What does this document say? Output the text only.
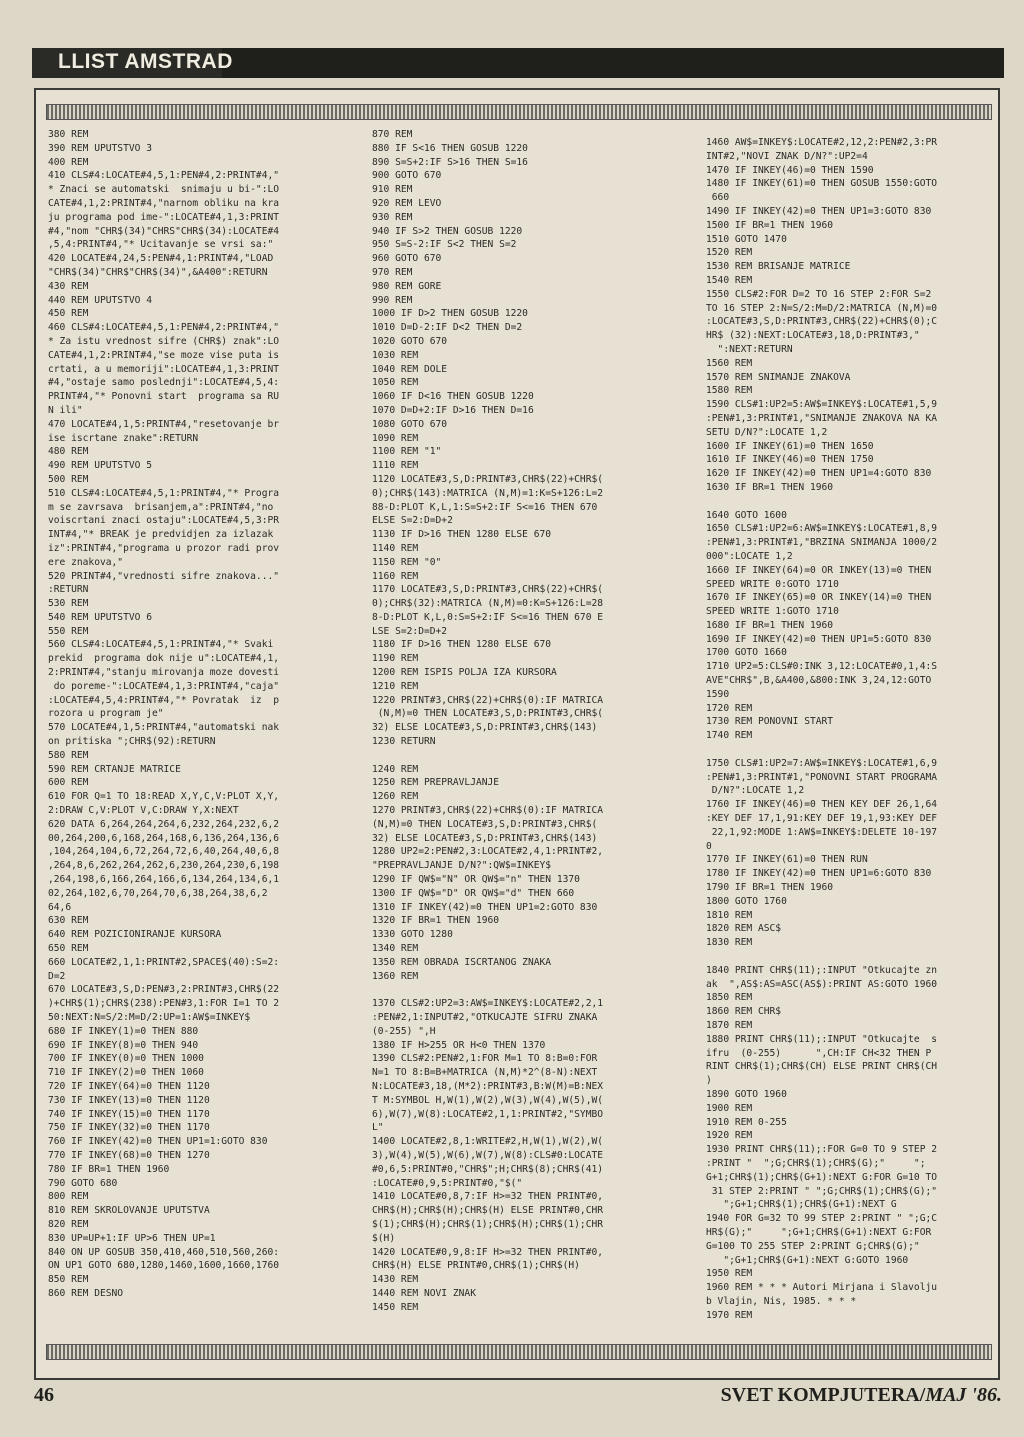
LLIST AMSTRAD
380 REM
390 REM UPUTSTVO 3
400 REM
410 CLS#4:LOCATE#4,5,1:PEN#4,2:PRINT#4,"
* Znaci se automatski  snimaju u bi-":LO
CATE#4,1,2:PRINT#4,"narnom obliku na kra
ju programa pod ime-":LOCATE#4,1,3:PRINT
#4,"nom "CHR$(34)"CHRS"CHR$(34):LOCATE#4
,5,4:PRINT#4,"* Ucitavanje se vrsi sa:"
420 LOCATE#4,24,5:PEN#4,1:PRINT#4,"LOAD
"CHR$(34)"CHR$"CHR$(34)",&A400":RETURN
430 REM
440 REM UPUTSTVO 4
450 REM
460 CLS#4:LOCATE#4,5,1:PEN#4,2:PRINT#4,"
* Za istu vrednost sifre (CHR$) znak":LO
CATE#4,1,2:PRINT#4,"se moze vise puta is
crtati, a u memoriji":LOCATE#4,1,3:PRINT
#4,"ostaje samo poslednji":LOCATE#4,5,4:
PRINT#4,"* Ponovni start  programa sa RU
N ili"
470 LOCATE#4,1,5:PRINT#4,"resetovanje br
ise iscrtane znake":RETURN
480 REM
490 REM UPUTSTVO 5
500 REM
510 CLS#4:LOCATE#4,5,1:PRINT#4,"* Progra
m se zavrsava  brisanjem,a":PRINT#4,"no
voiscrtani znaci ostaju":LOCATE#4,5,3:PR
INT#4,"* BREAK je predvidjen za izlazak
iz":PRINT#4,"programa u prozor radi prov
ere znakova,"
520 PRINT#4,"vrednosti sifre znakova..."
:RETURN
530 REM
540 REM UPUTSTVO 6
550 REM
560 CLS#4:LOCATE#4,5,1:PRINT#4,"* Svaki
prekid  programa dok nije u":LOCATE#4,1,
2:PRINT#4,"stanju mirovanja moze dovesti
do poreme-":LOCATE#4,1,3:PRINT#4,"caja"
:LOCATE#4,5,4:PRINT#4,"* Povratak  iz  p
rozora u program je"
570 LOCATE#4,1,5:PRINT#4,"automatski nak
on pritiska ";CHR$(92):RETURN
580 REM
590 REM CRTANJE MATRICE
600 REM
610 FOR Q=1 TO 18:READ X,Y,C,V:PLOT X,Y,
2:DRAW C,V:PLOT V,C:DRAW Y,X:NEXT
620 DATA 6,264,264,264,6,232,264,232,6,2
00,264,200,6,168,264,168,6,136,264,136,6
,104,264,104,6,72,264,72,6,40,264,40,6,8
,264,8,6,262,264,262,6,230,264,230,6,198
,264,198,6,166,264,166,6,134,264,134,6,1
02,264,102,6,70,264,70,6,38,264,38,6,2
64,6
630 REM
640 REM POZICIONIRANJE KURSORA
650 REM
660 LOCATE#2,1,1:PRINT#2,SPACE$(40):S=2:
D=2
670 LOCATE#3,S,D:PEN#3,2:PRINT#3,CHR$(22
)+CHR$(1);CHR$(238):PEN#3,1:FOR I=1 TO 2
50:NEXT:N=S/2:M=D/2:UP=1:AW$=INKEY$
680 IF INKEY(1)=0 THEN 880
690 IF INKEY(8)=0 THEN 940
700 IF INKEY(0)=0 THEN 1000
710 IF INKEY(2)=0 THEN 1060
720 IF INKEY(64)=0 THEN 1120
730 IF INKEY(13)=0 THEN 1120
740 IF INKEY(15)=0 THEN 1170
750 IF INKEY(32)=0 THEN 1170
760 IF INKEY(42)=0 THEN UP1=1:GOTO 830
770 IF INKEY(68)=0 THEN 1270
780 IF BR=1 THEN 1960
790 GOTO 680
800 REM
810 REM SKROLOVANJE UPUTSTVA
820 REM
830 UP=UP+1:IF UP>6 THEN UP=1
840 ON UP GOSUB 350,410,460,510,560,260:
ON UP1 GOTO 680,1280,1460,1600,1660,1760
850 REM
860 REM DESNO
870 REM
880 IF S<16 THEN GOSUB 1220
890 S=S+2:IF S>16 THEN S=16
900 GOTO 670
910 REM
920 REM LEVO
930 REM
940 IF S>2 THEN GOSUB 1220
950 S=S-2:IF S<2 THEN S=2
960 GOTO 670
970 REM
980 REM GORE
990 REM
1000 IF D>2 THEN GOSUB 1220
1010 D=D-2:IF D<2 THEN D=2
1020 GOTO 670
1030 REM
1040 REM DOLE
1050 REM
1060 IF D<16 THEN GOSUB 1220
1070 D=D+2:IF D>16 THEN D=16
1080 GOTO 670
1090 REM
1100 REM "1"
1110 REM
1120 LOCATE#3,S,D:PRINT#3,CHR$(22)+CHR$(
0);CHR$(143):MATRICA (N,M)=1:K=S+126:L=2
88-D:PLOT K,L,1:S=S+2:IF S<=16 THEN 670
ELSE S=2:D=D+2
1130 IF D>16 THEN 1280 ELSE 670
1140 REM
1150 REM "0"
1160 REM
1170 LOCATE#3,S,D:PRINT#3,CHR$(22)+CHR$(
0);CHR$(32):MATRICA (N,M)=0:K=S+126:L=28
8-D:PLOT K,L,0:S=S+2:IF S<=16 THEN 670 E
LSE S=2:D=D+2
1180 IF D>16 THEN 1280 ELSE 670
1190 REM
1200 REM ISPIS POLJA IZA KURSORA
1210 REM
1220 PRINT#3,CHR$(22)+CHR$(0):IF MATRICA
(N,M)=0 THEN LOCATE#3,S,D:PRINT#3,CHR$(
32) ELSE LOCATE#3,S,D:PRINT#3,CHR$(143)
1230 RETURN

1240 REM
1250 REM PREPRAVLJANJE
1260 REM
1270 PRINT#3,CHR$(22)+CHR$(0):IF MATRICA
(N,M)=0 THEN LOCATE#3,S,D:PRINT#3,CHR$(
32) ELSE LOCATE#3,S,D:PRINT#3,CHR$(143)
1280 UP2=2:PEN#2,3:LOCATE#2,4,1:PRINT#2,
"PREPRAVLJANJE D/N?":QW$=INKEY$
1290 IF QW$="N" OR QW$="n" THEN 1370
1300 IF QW$="D" OR QW$="d" THEN 660
1310 IF INKEY(42)=0 THEN UP1=2:GOTO 830
1320 IF BR=1 THEN 1960
1330 GOTO 1280
1340 REM
1350 REM OBRADA ISCRTANOG ZNAKA
1360 REM

1370 CLS#2:UP2=3:AW$=INKEY$:LOCATE#2,2,1
:PEN#2,1:INPUT#2,"OTKUCAJTE SIFRU ZNAKA
(0-255) ",H
1380 IF H>255 OR H<0 THEN 1370
1390 CLS#2:PEN#2,1:FOR M=1 TO 8:B=0:FOR
N=1 TO 8:B=B+MATRICA (N,M)*2^(8-N):NEXT
N:LOCATE#3,18,(M*2):PRINT#3,B:W(M)=B:NEX
T M:SYMBOL H,W(1),W(2),W(3),W(4),W(5),W(
6),W(7),W(8):LOCATE#2,1,1:PRINT#2,"SYMBO
L"
1400 LOCATE#2,8,1:WRITE#2,H,W(1),W(2),W(
3),W(4),W(5),W(6),W(7),W(8):CLS#0:LOCATE
#0,6,5:PRINT#0,"CHR$";H;CHR$(8);CHR$(41)
:LOCATE#0,9,5:PRINT#0,"$("
1410 LOCATE#0,8,7:IF H>=32 THEN PRINT#0,
CHR$(H);CHR$(H);CHR$(H) ELSE PRINT#0,CHR
$(1);CHR$(H);CHR$(1);CHR$(H);CHR$(1);CHR
$(H)
1420 LOCATE#0,9,8:IF H>=32 THEN PRINT#0,
CHR$(H) ELSE PRINT#0,CHR$(1);CHR$(H)
1430 REM
1440 REM NOVI ZNAK
1450 REM
1460 AW$=INKEY$:LOCATE#2,12,2:PEN#2,3:PR
INT#2,"NOVI ZNAK D/N?":UP2=4
1470 IF INKEY(46)=0 THEN 1590
1480 IF INKEY(61)=0 THEN GOSUB 1550:GOTO
660
1490 IF INKEY(42)=0 THEN UP1=3:GOTO 830
1500 IF BR=1 THEN 1960
1510 GOTO 1470
1520 REM
1530 REM BRISANJE MATRICE
1540 REM
1550 CLS#2:FOR D=2 TO 16 STEP 2:FOR S=2
TO 16 STEP 2:N=S/2:M=D/2:MATRICA (N,M)=0
:LOCATE#3,S,D:PRINT#3,CHR$(22)+CHR$(0);C
HR$ (32):NEXT:LOCATE#3,18,D:PRINT#3,"
":NEXT:RETURN
1560 REM
1570 REM SNIMANJE ZNAKOVA
1580 REM
1590 CLS#1:UP2=5:AW$=INKEY$:LOCATE#1,5,9
:PEN#1,3:PRINT#1,"SNIMANJE ZNAKOVA NA KA
SETU D/N?":LOCATE 1,2
1600 IF INKEY(61)=0 THEN 1650
1610 IF INKEY(46)=0 THEN 1750
1620 IF INKEY(42)=0 THEN UP1=4:GOTO 830
1630 IF BR=1 THEN 1960

1640 GOTO 1600
1650 CLS#1:UP2=6:AW$=INKEY$:LOCATE#1,8,9
:PEN#1,3:PRINT#1,"BRZINA SNIMANJA 1000/2
000":LOCATE 1,2
1660 IF INKEY(64)=0 OR INKEY(13)=0 THEN
SPEED WRITE 0:GOTO 1710
1670 IF INKEY(65)=0 OR INKEY(14)=0 THEN
SPEED WRITE 1:GOTO 1710
1680 IF BR=1 THEN 1960
1690 IF INKEY(42)=0 THEN UP1=5:GOTO 830
1700 GOTO 1660
1710 UP2=5:CLS#0:INK 3,12:LOCATE#0,1,4:S
AVE"CHR$",B,&A400,&800:INK 3,24,12:GOTO
1590
1720 REM
1730 REM PONOVNI START
1740 REM

1750 CLS#1:UP2=7:AW$=INKEY$:LOCATE#1,6,9
:PEN#1,3:PRINT#1,"PONOVNI START PROGRAMA
D/N?":LOCATE 1,2
1760 IF INKEY(46)=0 THEN KEY DEF 26,1,64
:KEY DEF 17,1,91:KEY DEF 19,1,93:KEY DEF
22,1,92:MODE 1:AW$=INKEY$:DELETE 10-197
0
1770 IF INKEY(61)=0 THEN RUN
1780 IF INKEY(42)=0 THEN UP1=6:GOTO 830
1790 IF BR=1 THEN 1960
1800 GOTO 1760
1810 REM
1820 REM ASC$
1830 REM

1840 PRINT CHR$(11);:INPUT "Otkucajte zn
ak  ",AS$:AS=ASC(AS$):PRINT AS:GOTO 1960
1850 REM
1860 REM CHR$
1870 REM
1880 PRINT CHR$(11);:INPUT "Otkucajte  s
ifru  (0-255)      ",CH:IF CH<32 THEN P
RINT CHR$(1);CHR$(CH) ELSE PRINT CHR$(CH
)
1890 GOTO 1960
1900 REM
1910 REM 0-255
1920 REM
1930 PRINT CHR$(11);:FOR G=0 TO 9 STEP 2
:PRINT "  ";G;CHR$(1);CHR$(G);"     ";
G+1;CHR$(1);CHR$(G+1):NEXT G:FOR G=10 TO
31 STEP 2:PRINT " ";G;CHR$(1);CHR$(G);"
";G+1;CHR$(1);CHR$(G+1):NEXT G
1940 FOR G=32 TO 99 STEP 2:PRINT " ";G;C
HR$(G);"     ";G+1;CHR$(G+1):NEXT G:FOR
G=100 TO 255 STEP 2:PRINT G;CHR$(G);"
";G+1;CHR$(G+1):NEXT G:GOTO 1960
1950 REM
1960 REM * * * Autori Mirjana i Slavolju
b Vlajin, Nis, 1985. * * *
1970 REM
46	SVET KOMPJUTERA/MAJ '86.
